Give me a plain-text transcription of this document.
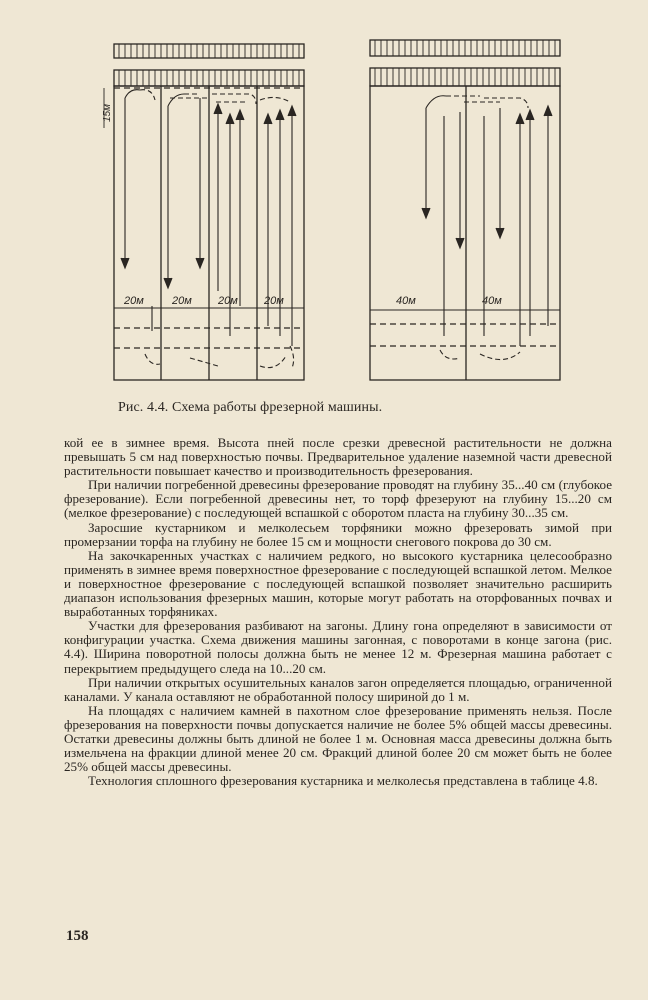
20м	20м 20м 20м
15м
40м	40м
Рис. 4.4. Схема работы фрезерной машины.

кой ее в зимнее время. Высота пней после срезки древесной растительности не должна превышать 5 см над поверхностью почвы. Предварительное удаление наземной части древесной растительности повышает качество и производительность фрезерования.

При наличии погребенной древесины фрезерование проводят на глубину 35...40 см (глубокое фрезерование). Если погребенной древесины нет, то торф фрезеруют на глубину 15...20 см (мелкое фрезерование) с последующей вспашкой с оборотом пласта на глубину 30...35 см.

Заросшие кустарником и мелколесьем торфяники можно фрезеровать зимой при промерзании торфа на глубину не более 15 см и мощности снегового покрова до 30 см.

На закочкаренных участках с наличием редкого, но высокого кустарника целесообразно применять в зимнее время поверхностное фрезерование с последующей вспашкой летом. Мелкое и поверхностное фрезерование с последующей вспашкой позволяет значительно расширить диапазон использования фрезерных машин, которые могут работать на оторфованных почвах и выработанных торфяниках.

Участки для фрезерования разбивают на загоны. Длину гона определяют в зависимости от конфигурации участка. Схема движения машины загонная, с поворотами в конце загона (рис. 4.4). Ширина поворотной полосы должна быть не менее 12 м. Фрезерная машина работает с перекрытием предыдущего следа на 10...20 см.

При наличии открытых осушительных каналов загон определяется площадью, ограниченной каналами. У канала оставляют не обработанной полосу шириной до 1 м.

На площадях с наличием камней в пахотном слое фрезерование применять нельзя. После фрезерования на поверхности почвы допускается наличие не более 5% общей массы древесины. Остатки древесины должны быть длиной не более 1 м. Основная масса древесины должна быть измельчена на фракции длиной менее 20 см. Фракций длиной более 20 см может быть не более 25% общей массы древесины.

Технология сплошного фрезерования кустарника и мелколесья представлена в таблице 4.8.

158
